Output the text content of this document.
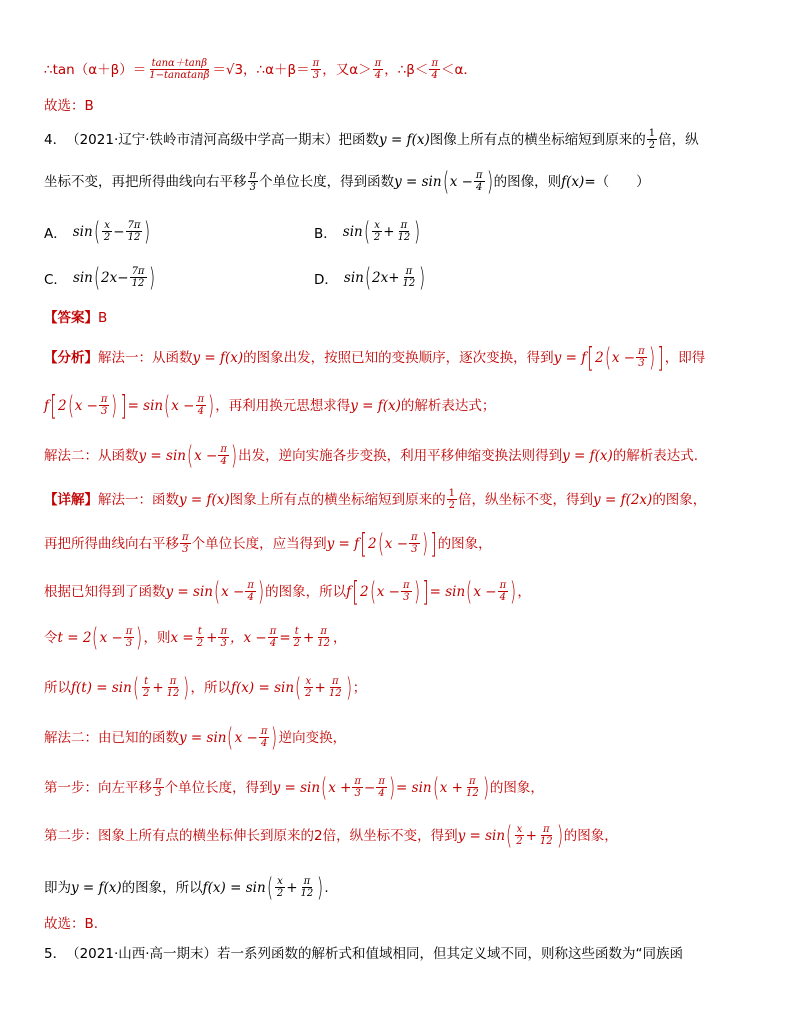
∴tan（α＋β）＝ $\frac{\tan\alpha+\tan\beta}{1-\tan\alpha\tan\beta} =√3$，∴α＋β＝ $\frac{\pi}{3}$ ，又$\alpha> \frac{\pi}{4}$ ，∴β＜ $\frac{\pi}{4} <\alpha$．
故选：B
4． （2021·辽宁·铁岭市清河高级中学高一期末） 把函数 y = f(x) 图像上所有点的横坐标缩短到原来的 $\frac{1}{2}$ 倍，纵
坐标不变，再把所得曲线向右平移 $\frac{\pi}{3}$ 个单位长度，得到函数 y = sin ( $x - \frac{\pi}{4}$ ) 的图像，则 f(x) =（　　）
A． sin ( $\frac{x}{2} - \frac{7\pi}{12}$ )	B． sin ( $\frac{x}{2} + \frac{\pi}{12}$ )
C． sin ( $2x - \frac{7\pi}{12}$ )	D． sin ( $2x + \frac{\pi}{12}$ )
【答案】 B
【分析】 解法一：从函数 y = f(x) 的图象出发，按照已知的变换顺序，逐次变换，得到 y = f [ 2 ( $x - \frac{\pi}{3}$ ) ] ，即得
f [ 2 ( $x - \frac{\pi}{3}$ ) ] = sin ( $x - \frac{\pi}{4}$ ) ，再利用换元思想求得 y = f(x) 的解析表达式；
解法二：从函数 y = sin ( $x - \frac{\pi}{4}$ ) 出发，逆向实施各步变换，利用平移伸缩变换法则得到 y = f(x) 的解析表达式.
【详解】 解法一：函数 y = f(x) 图象上所有点的横坐标缩短到原来的 $\frac{1}{2}$ 倍，纵坐标不变，得到 y = f(2x) 的图象，
再把所得曲线向右平移 $\frac{\pi}{3}$ 个单位长度，应当得到 y = f [ 2 ( $x - \frac{\pi}{3}$ ) ] 的图象，
根据已知得到了函数 y = sin ( $x - \frac{\pi}{4}$ ) 的图象，所以 f [ 2 ( $x - \frac{\pi}{3}$ ) ] = sin ( $x - \frac{\pi}{4}$ ) ，
令 t = 2 ( $x - \frac{\pi}{3}$ ) ，则 $x = \frac{t}{2} + \frac{\pi}{3}$ ，$x - \frac{\pi}{4} = \frac{t}{2} + \frac{\pi}{12}$ ，
所以 f(t) = sin ( $\frac{t}{2} + \frac{\pi}{12}$ ) ，所以 f(x) = sin ( $\frac{x}{2} + \frac{\pi}{12}$ ) ；
解法二：由已知的函数 y = sin ( $x - \frac{\pi}{4}$ ) 逆向变换，
第一步：向左平移 $\frac{\pi}{3}$ 个单位长度，得到 y = sin ( $x + \frac{\pi}{3} - \frac{\pi}{4}$ ) = sin ( $x + \frac{\pi}{12}$ ) 的图象，
第二步：图象上所有点的横坐标伸长到原来的2倍，纵坐标不变，得到 y = sin ( $\frac{x}{2} + \frac{\pi}{12}$ ) 的图象，
即为 y = f(x) 的图象，所以 f(x) = sin ( $\frac{x}{2} + \frac{\pi}{12}$ ) .
故选：B.
5． （2021·山西·高一期末）若一系列函数的解析式和值域相同，但其定义域不同，则称这些函数为“同族函
